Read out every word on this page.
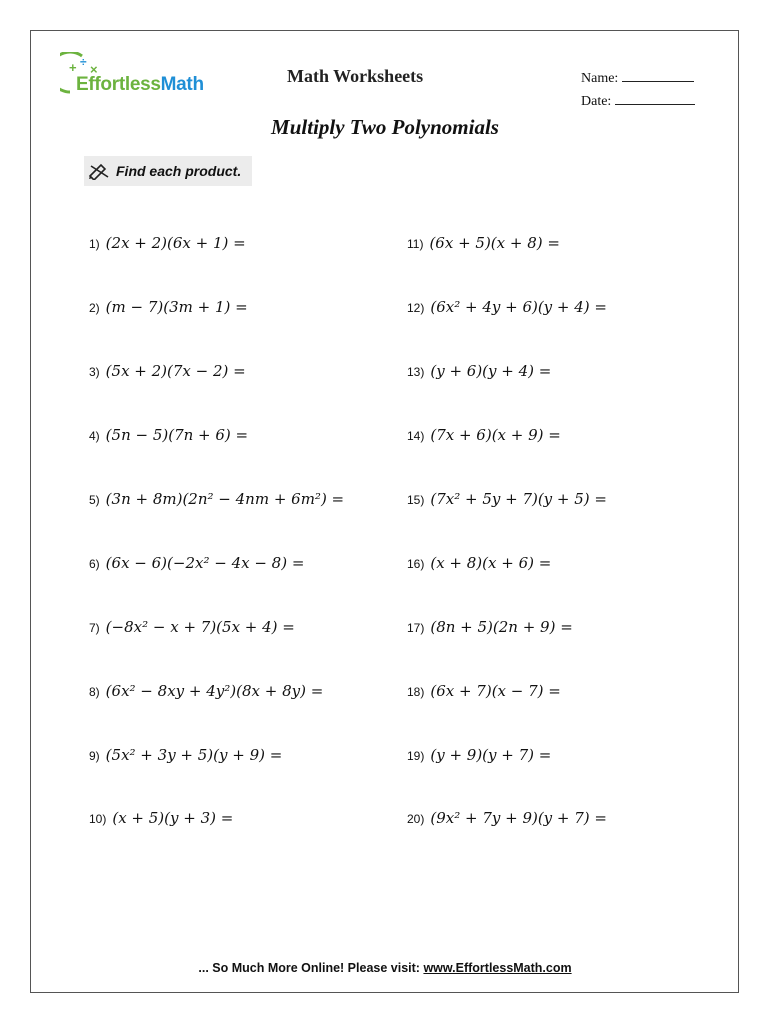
+ ÷ ×
EffortlessMath	Math Worksheets	Name:
Date:
Multiply Two Polynomials
Find each product.
1) (2x + 2)(6x + 1) =
2) (m − 7)(3m + 1) =
3) (5x + 2)(7x − 2) =
4) (5n − 5)(7n + 6) =
5) (3n + 8m)(2n² − 4nm + 6m²) =
6) (6x − 6)(−2x² − 4x − 8) =
7) (−8x² − x + 7)(5x + 4) =
8) (6x² − 8xy + 4y²)(8x + 8y) =
9) (5x² + 3y + 5)(y + 9) =
10) (x + 5)(y + 3) =
11) (6x + 5)(x + 8) =
12) (6x² + 4y + 6)(y + 4) =
13) (y + 6)(y + 4) =
14) (7x + 6)(x + 9) =
15) (7x² + 5y + 7)(y + 5) =
16) (x + 8)(x + 6) =
17) (8n + 5)(2n + 9) =
18) (6x + 7)(x − 7) =
19) (y + 9)(y + 7) =
20) (9x² + 7y + 9)(y + 7) =
... So Much More Online! Please visit: www.EffortlessMath.com
